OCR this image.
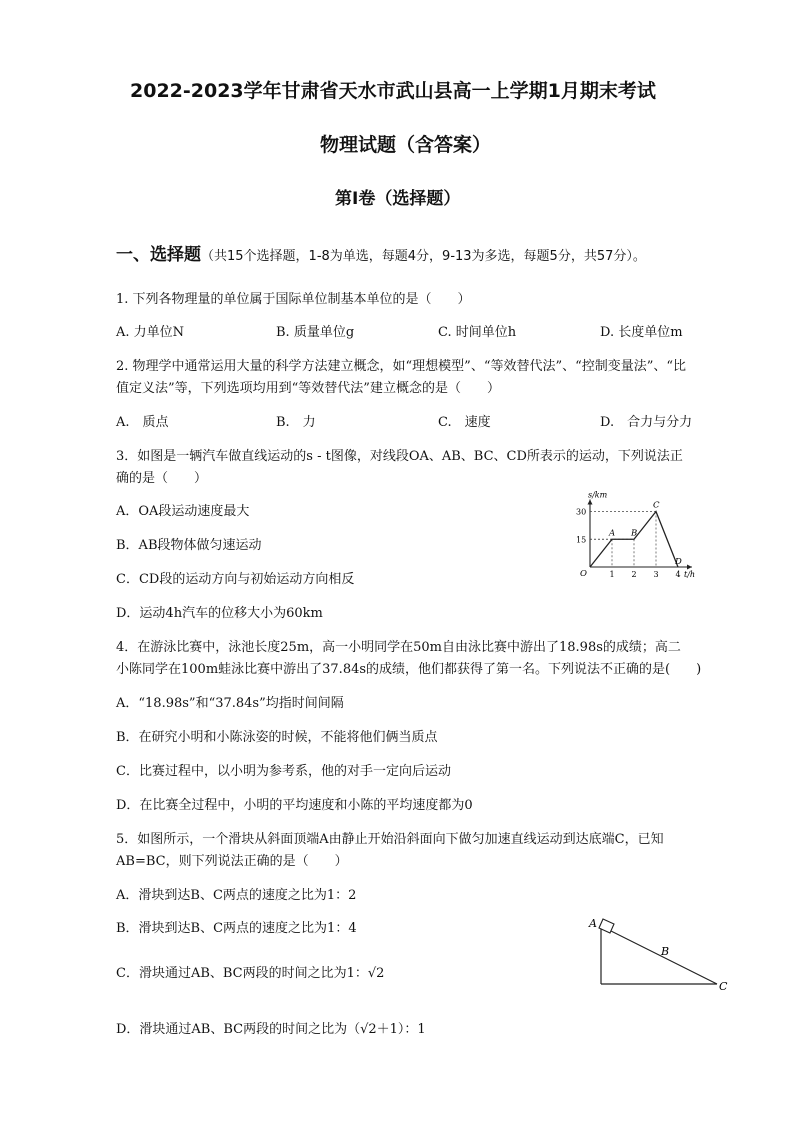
2022-2023学年甘肃省天水市武山县高一上学期1月期末考试
物理试题（含答案）
第Ⅰ卷（选择题）
一、选择题（共15个选择题，1-8为单选，每题4分，9-13为多选，每题5分，共57分）。
1. 下列各物理量的单位属于国际单位制基本单位的是（　　）
A. 力单位N	B. 质量单位g	C. 时间单位h	D. 长度单位m
2. 物理学中通常运用大量的科学方法建立概念，如“理想模型”、“等效替代法”、“控制变量法”、“比
值定义法”等，下列选项均用到“等效替代法”建立概念的是（　　）
A.　质点	B.　力	C.　速度	D.　合力与分力
3．如图是一辆汽车做直线运动的s - t图像，对线段OA、AB、BC、CD所表示的运动，下列说法正
确的是（　　）
A．OA段运动速度最大
B．AB段物体做匀速运动
C．CD段的运动方向与初始运动方向相反
D．运动4h汽车的位移大小为60km
s/km
t/h
15
30
1 2 3 4
O
A B
C
D
4．在游泳比赛中，泳池长度25m，高一小明同学在50m自由泳比赛中游出了18.98s的成绩；高二
小陈同学在100m蛙泳比赛中游出了37.84s的成绩，他们都获得了第一名。下列说法不正确的是(　　)
A．“18.98s”和“37.84s”均指时间间隔
B．在研究小明和小陈泳姿的时候，不能将他们俩当质点
C．比赛过程中，以小明为参考系，他的对手一定向后运动
D．在比赛全过程中，小明的平均速度和小陈的平均速度都为0
5．如图所示，一个滑块从斜面顶端A由静止开始沿斜面向下做匀加速直线运动到达底端C，已知
AB=BC，则下列说法正确的是（　　）
A．滑块到达B、C两点的速度之比为1：2
B．滑块到达B、C两点的速度之比为1：4
C．滑块通过AB、BC两段的时间之比为1：√2
D．滑块通过AB、BC两段的时间之比为（√2＋1）：1
A
B
C
